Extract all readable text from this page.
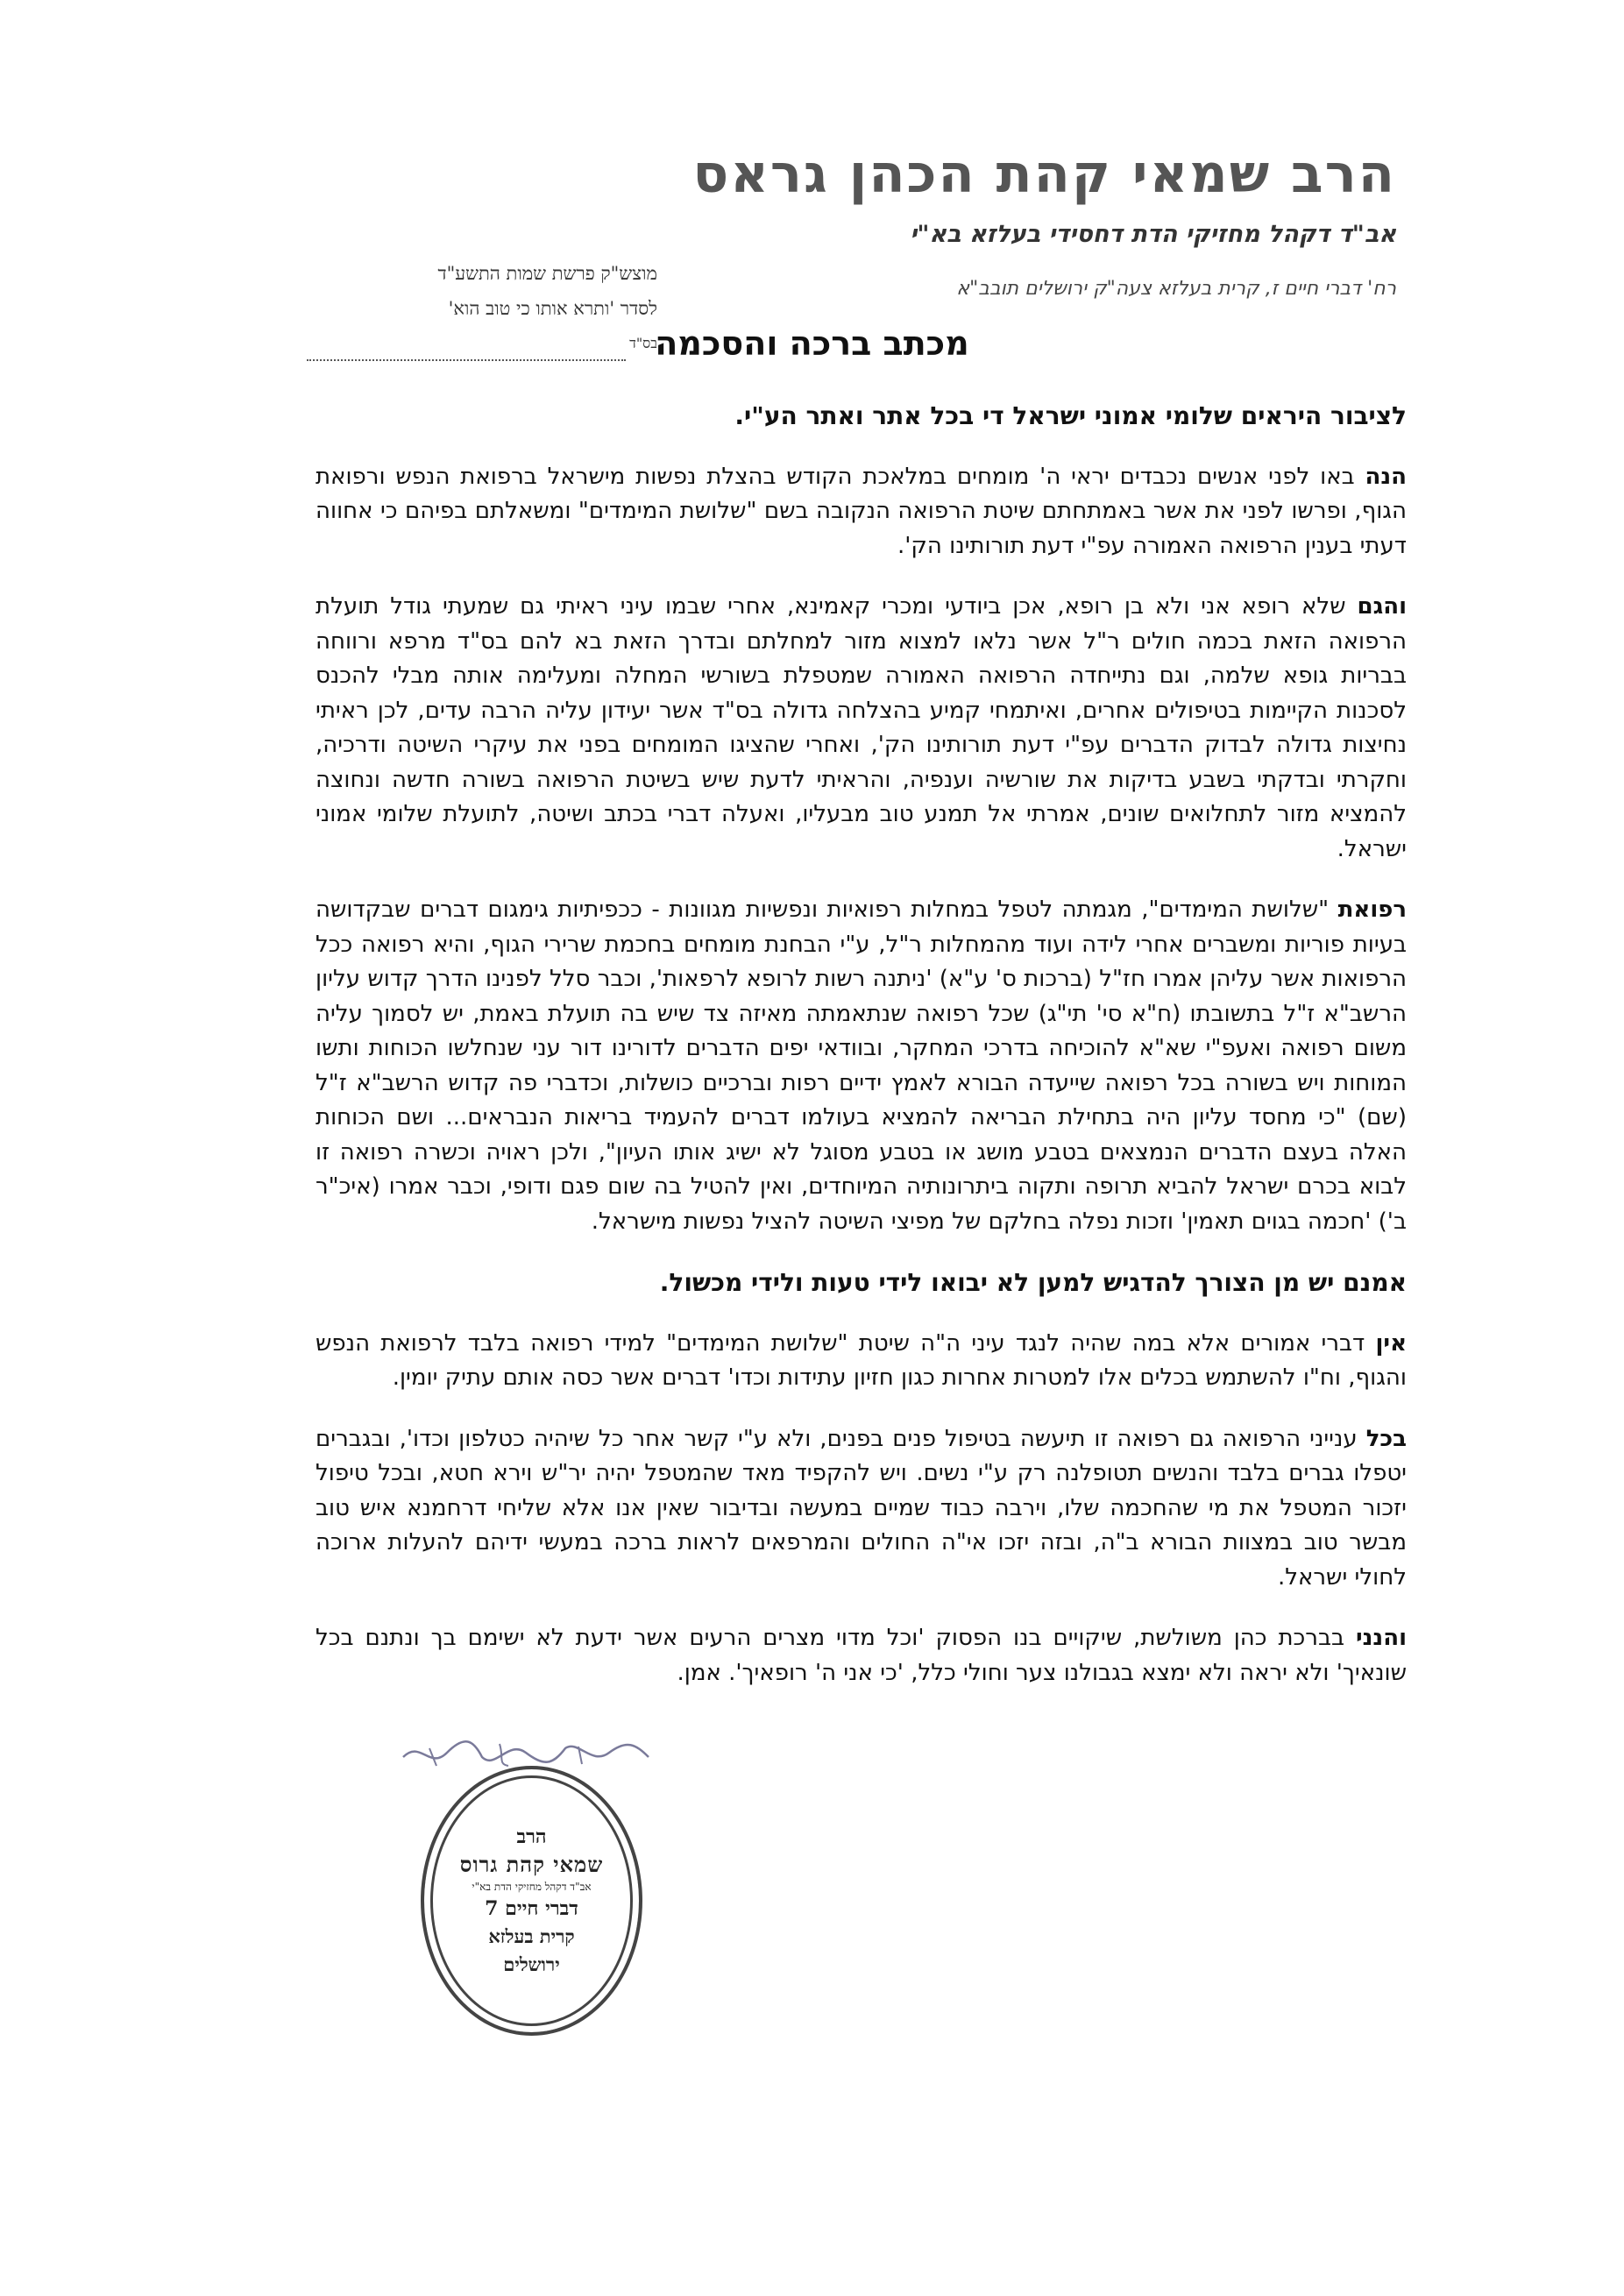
הרב שמאי קהת הכהן גראס
אב"ד דקהל מחזיקי הדת דחסידי בעלזא בא"י
רח' דברי חיים ז, קרית בעלזא צעה"ק ירושלים תובב"א
מוצש"ק פרשת שמות התשע"ד
לסדר 'ותרא אותו כי טוב הוא'
בס"ד
מכתב ברכה והסכמה

לציבור היראים שלומי אמוני ישראל די בכל אתר ואתר הע"י.

הנה באו לפני אנשים נכבדים יראי ה' מומחים במלאכת הקודש בהצלת נפשות מישראל ברפואת הנפש ורפואת הגוף, ופרשו לפני את אשר באמתחתם שיטת הרפואה הנקובה בשם "שלושת המימדים" ומשאלתם בפיהם כי אחווה דעתי בענין הרפואה האמורה עפ"י דעת תורותינו הק'.

והגם שלא רופא אני ולא בן רופא, אכן ביודעי ומכרי קאמינא, אחרי שבמו עיני ראיתי גם שמעתי גודל תועלת הרפואה הזאת בכמה חולים ר"ל אשר נלאו למצוא מזור למחלתם ובדרך הזאת בא להם בס"ד מרפא ורווחה בבריות גופא שלמה, וגם נתייחדה הרפואה האמורה שמטפלת בשורשי המחלה ומעלימה אותה מבלי להכנס לסכנות הקיימות בטיפולים אחרים, ואיתמחי קמיע בהצלחה גדולה בס"ד אשר יעידון עליה הרבה עדים, לכן ראיתי נחיצות גדולה לבדוק הדברים עפ"י דעת תורותינו הק', ואחרי שהציגו המומחים בפני את עיקרי השיטה ודרכיה, וחקרתי ובדקתי בשבע בדיקות את שורשיה וענפיה, והראיתי לדעת שיש בשיטת הרפואה בשורה חדשה ונחוצה להמציא מזור לתחלואים שונים, אמרתי אל תמנע טוב מבעליו, ואעלה דברי בכתב ושיטה, לתועלת שלומי אמוני ישראל.

רפואת "שלושת המימדים", מגמתה לטפל במחלות רפואיות ונפשיות מגוונות - ככפיתיות גימגום דברים שבקדושה בעיות פוריות ומשברים אחרי לידה ועוד מהמחלות ר"ל, ע"י הבחנת מומחים בחכמת שרירי הגוף, והיא רפואה ככל הרפואות אשר עליהן אמרו חז"ל (ברכות ס' ע"א) 'ניתנה רשות לרופא לרפאות', וכבר סלל לפנינו הדרך קדוש עליון הרשב"א ז"ל בתשובתו (ח"א סי' תי"ג) שכל רפואה שנתאמתה מאיזה צד שיש בה תועלת באמת, יש לסמוך עליה משום רפואה ואעפ"י שא"א להוכיחה בדרכי המחקר, ובוודאי יפים הדברים לדורינו דור עני שנחלשו הכוחות ותשו המוחות ויש בשורה בכל רפואה שייעדה הבורא לאמץ ידיים רפות וברכיים כושלות, וכדברי פה קדוש הרשב"א ז"ל (שם) "כי מחסד עליון היה בתחילת הבריאה להמציא בעולמו דברים להעמיד בריאות הנבראים... ושם הכוחות האלה בעצם הדברים הנמצאים בטבע מושג או בטבע מסוגל לא ישיג אותו העיון", ולכן ראויה וכשרה רפואה זו לבוא בכרם ישראל להביא תרופה ותקוה ביתרונותיה המיוחדים, ואין להטיל בה שום פגם ודופי, וכבר אמרו (איכ"ר ב') 'חכמה בגוים תאמין' וזכות נפלה בחלקם של מפיצי השיטה להציל נפשות מישראל.

אמנם יש מן הצורך להדגיש למען לא יבואו לידי טעות ולידי מכשול.

אין דברי אמורים אלא במה שהיה לנגד עיני ה"ה שיטת "שלושת המימדים" למידי רפואה בלבד לרפואת הנפש והגוף, וח"ו להשתמש בכלים אלו למטרות אחרות כגון חזיון עתידות וכדו' דברים אשר כסה אותם עתיק יומין.

בכל ענייני הרפואה גם רפואה זו תיעשה בטיפול פנים בפנים, ולא ע"י קשר אחר כל שיהיה כטלפון וכדו', ובגברים יטפלו גברים בלבד והנשים תטופלנה רק ע"י נשים. ויש להקפיד מאד שהמטפל יהיה יר"ש וירא חטא, ובכל טיפול יזכור המטפל את מי שהחכמה שלו, וירבה כבוד שמיים במעשה ובדיבור שאין אנו אלא שליחי דרחמנא איש טוב מבשר טוב במצוות הבורא ב"ה, ובזה יזכו אי"ה החולים והמרפאים לראות ברכה במעשי ידיהם להעלות ארוכה לחולי ישראל.

והנני בברכת כהן משולשת, שיקויים בנו הפסוק 'וכל מדוי מצרים הרעים אשר ידעת לא ישימם בך ונתנם בכל שונאיך' ולא יראה ולא ימצא בגבולנו צער וחולי כלל, 'כי אני ה' רופאיך'. אמן.

הרב
שמאי קהת גרוס
אב"ד דקהל מחזיקי הדת בא"י
דברי חיים 7
קרית בעלזא
ירושלים
